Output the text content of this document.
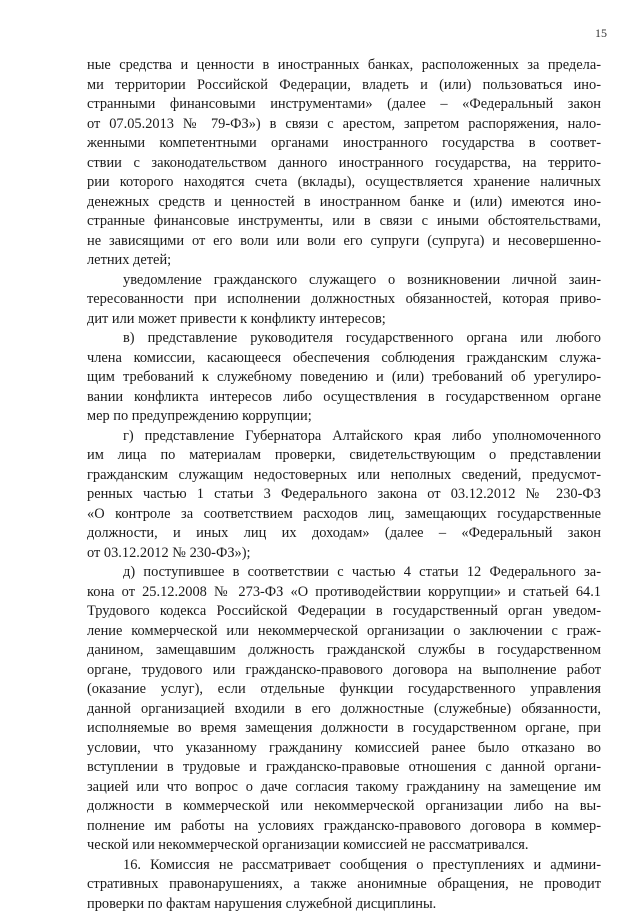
15
ные средства и ценности в иностранных банках, расположенных за предела-
ми территории Российской Федерации, владеть и (или) пользоваться ино-
странными финансовыми инструментами» (далее – «Федеральный закон
от 07.05.2013 № 79-ФЗ») в связи с арестом, запретом распоряжения, нало-
женными компетентными органами иностранного государства в соответ-
ствии с законодательством данного иностранного государства, на террито-
рии которого находятся счета (вклады), осуществляется хранение наличных
денежных средств и ценностей в иностранном банке и (или) имеются ино-
странные финансовые инструменты, или в связи с иными обстоятельствами,
не зависящими от его воли или воли его супруги (супруга) и несовершенно-
летних детей;
уведомление гражданского служащего о возникновении личной заин-
тересованности при исполнении должностных обязанностей, которая приво-
дит или может привести к конфликту интересов;
в) представление руководителя государственного органа или любого
члена комиссии, касающееся обеспечения соблюдения гражданским служа-
щим требований к служебному поведению и (или) требований об урегулиро-
вании конфликта интересов либо осуществления в государственном органе
мер по предупреждению коррупции;
г) представление Губернатора Алтайского края либо уполномоченного
им лица по материалам проверки, свидетельствующим о представлении
гражданским служащим недостоверных или неполных сведений, предусмот-
ренных частью 1 статьи 3 Федерального закона от 03.12.2012 № 230-ФЗ
«О контроле за соответствием расходов лиц, замещающих государственные
должности, и иных лиц их доходам» (далее – «Федеральный закон
от 03.12.2012 № 230-ФЗ»);
д) поступившее в соответствии с частью 4 статьи 12 Федерального за-
кона от 25.12.2008 № 273-ФЗ «О противодействии коррупции» и статьей 64.1
Трудового кодекса Российской Федерации в государственный орган уведом-
ление коммерческой или некоммерческой организации о заключении с граж-
данином, замещавшим должность гражданской службы в государственном
органе, трудового или гражданско-правового договора на выполнение работ
(оказание услуг), если отдельные функции государственного управления
данной организацией входили в его должностные (служебные) обязанности,
исполняемые во время замещения должности в государственном органе, при
условии, что указанному гражданину комиссией ранее было отказано во
вступлении в трудовые и гражданско-правовые отношения с данной органи-
зацией или что вопрос о даче согласия такому гражданину на замещение им
должности в коммерческой или некоммерческой организации либо на вы-
полнение им работы на условиях гражданско-правового договора в коммер-
ческой или некоммерческой организации комиссией не рассматривался.
16. Комиссия не рассматривает сообщения о преступлениях и админи-
стративных правонарушениях, а также анонимные обращения, не проводит
проверки по фактам нарушения служебной дисциплины.
